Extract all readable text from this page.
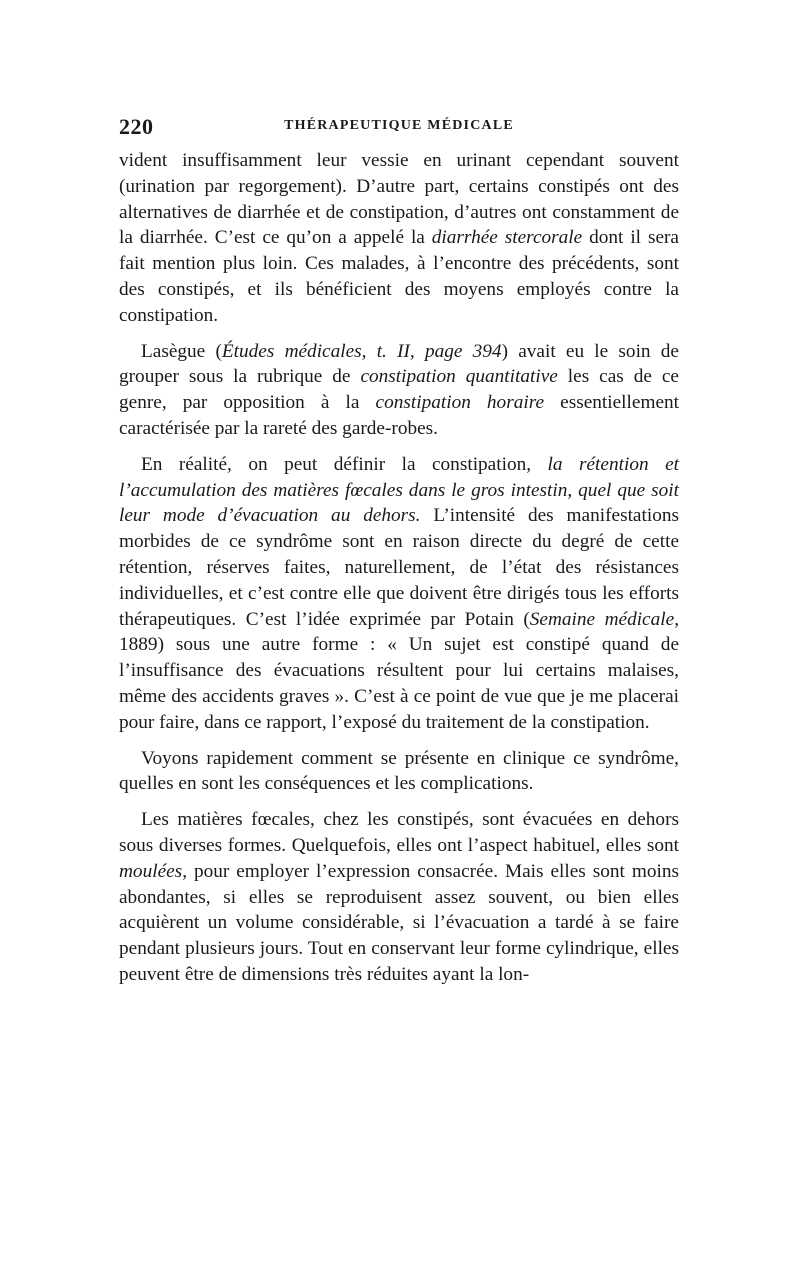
220	THÉRAPEUTIQUE MÉDICALE

vident insuffisamment leur vessie en urinant cependant souvent (urination par regorgement). D’autre part, certains constipés ont des alternatives de diarrhée et de constipation, d’autres ont constamment de la diarrhée. C’est ce qu’on a appelé la diarrhée stercorale dont il sera fait mention plus loin. Ces malades, à l’encontre des précédents, sont des constipés, et ils bénéficient des moyens employés contre la constipation.

Lasègue (Études médicales, t. II, page 394) avait eu le soin de grouper sous la rubrique de constipation quantitative les cas de ce genre, par opposition à la constipation horaire essentiellement caractérisée par la rareté des garde-robes.

En réalité, on peut définir la constipation, la rétention et l’accumulation des matières fœcales dans le gros intestin, quel que soit leur mode d’évacuation au dehors. L’intensité des manifestations morbides de ce syndrôme sont en raison directe du degré de cette rétention, réserves faites, naturellement, de l’état des résistances individuelles, et c’est contre elle que doivent être dirigés tous les efforts thérapeutiques. C’est l’idée exprimée par Potain (Semaine médicale, 1889) sous une autre forme : « Un sujet est constipé quand de l’insuffisance des évacuations résultent pour lui certains malaises, même des accidents graves ». C’est à ce point de vue que je me placerai pour faire, dans ce rapport, l’exposé du traitement de la constipation.

Voyons rapidement comment se présente en clinique ce syndrôme, quelles en sont les conséquences et les complications.

Les matières fœcales, chez les constipés, sont évacuées en dehors sous diverses formes. Quelquefois, elles ont l’aspect habituel, elles sont moulées, pour employer l’expression consacrée. Mais elles sont moins abondantes, si elles se reproduisent assez souvent, ou bien elles acquièrent un volume considérable, si l’évacuation a tardé à se faire pendant plusieurs jours. Tout en conservant leur forme cylindrique, elles peuvent être de dimensions très réduites ayant la lon-
